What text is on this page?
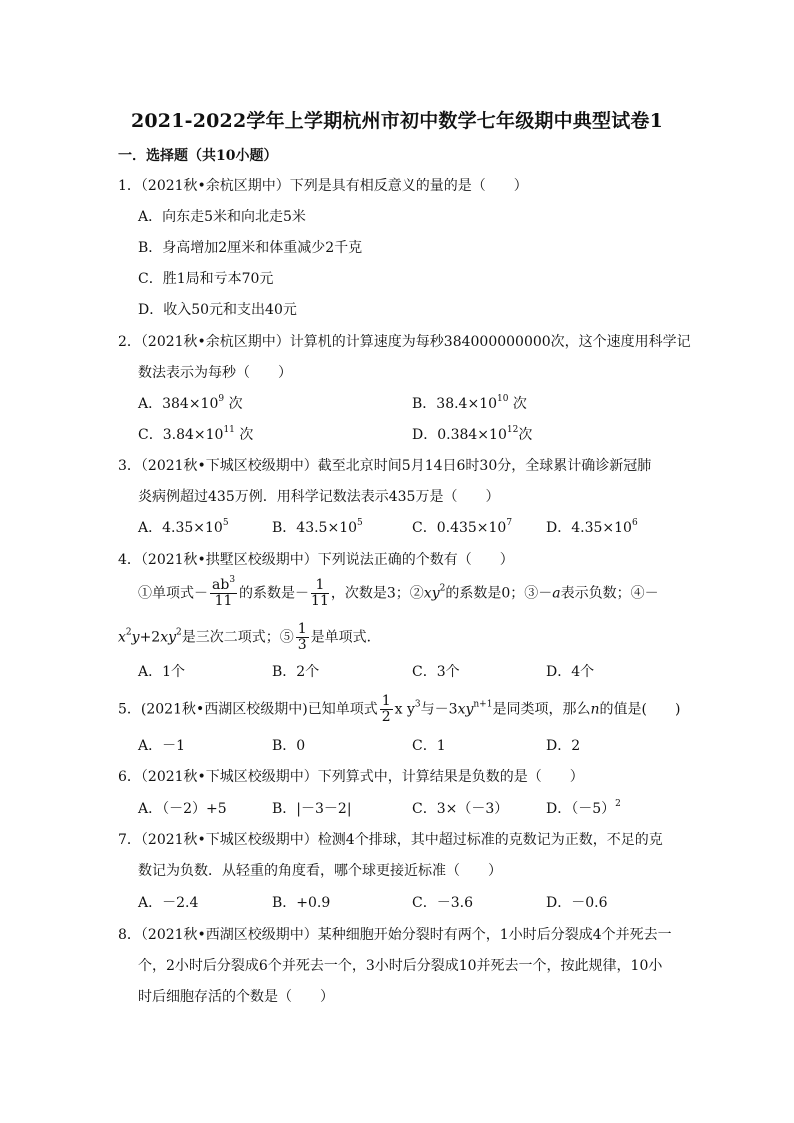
2021-2022学年上学期杭州市初中数学七年级期中典型试卷1
一．选择题（共10小题）
1．（2021秋•余杭区期中）下列是具有相反意义的量的是（　　）
A．向东走5米和向北走5米
B．身高增加2厘米和体重减少2千克
C．胜1局和亏本70元
D．收入50元和支出40元
2．（2021秋•余杭区期中）计算机的计算速度为每秒384000000000次，这个速度用科学记
数法表示为每秒（　　）
A．$384\times 10^9$ 次	B．$38.4\times 10^{10}$ 次
C．$3.84\times 10^{11}$ 次	D．$0.384\times 10^{12}$次
3．（2021秋•下城区校级期中）截至北京时间5月14日6时30分，全球累计确诊新冠肺
炎病例超过435万例．用科学记数法表示435万是（　　）
A．$4.35\times 10^5$	B．$43.5\times 10^5$	C．$0.435\times 10^7$ D．$4.35\times 10^6$
4．（2021秋•拱墅区校级期中）下列说法正确的个数有（　　）
①单项式－ $\frac{ab^3}{11}$ 的系数是－ $\frac{1}{11}$ ，次数是3；$②xy^2$的系数是0；③－a表示负数；④－
$x^2y+2xy^2$是三次二项式；⑤ $\frac{1}{3}$ 是单项式．
A．1个	B．2个	C．3个	D．4个
5．(2021秋•西湖区校级期中)已知单项式 $\frac{1}{2}$ x $y^3$与$-3xy^{n+1}$是同类项，那么n的值是(　　)
A．－1	B．0	C．1	D．2
6．（2021秋•下城区校级期中）下列算式中，计算结果是负数的是（　　）
A．（－2）+5	B．|－3－2|	C．3×（－3）	D．$(-5)^2$
7．（2021秋•下城区校级期中）检测4个排球，其中超过标准的克数记为正数，不足的克
数记为负数．从轻重的角度看，哪个球更接近标准（　　）
A．－2.4	B．+0.9	C．－3.6	D．－0.6
8．（2021秋•西湖区校级期中）某种细胞开始分裂时有两个，1小时后分裂成4个并死去一
个，2小时后分裂成6个并死去一个，3小时后分裂成10并死去一个，按此规律，10小
时后细胞存活的个数是（　　）
